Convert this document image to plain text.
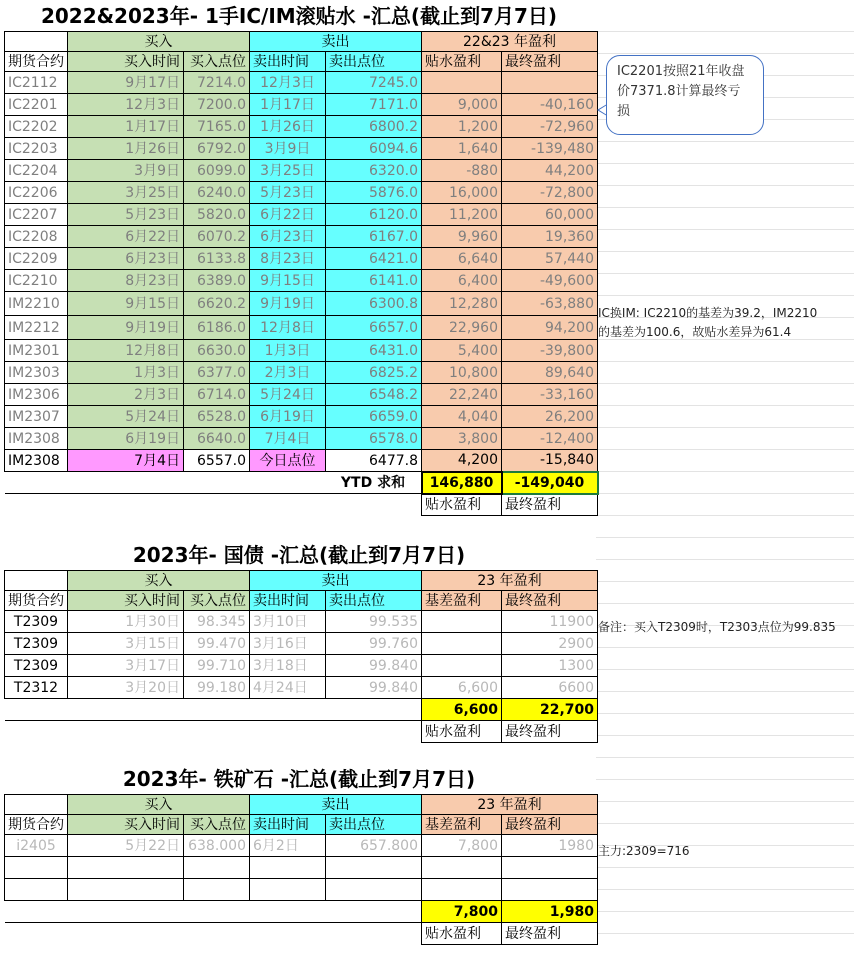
2022&2023年- 1手IC/IM滚贴水 -汇总(截止到7月7日)
	买入		卖出		22&23 年盈利	
期货合约	买入时间	买入点位	卖出时间	卖出点位	贴水盈利	最终盈利
IC2112	9月17日	7214.0	12月3日	7245.0		
IC2201	12月3日	7200.0	1月17日	7171.0	9,000	-40,160
IC2202	1月17日	7165.0	1月26日	6800.2	1,200	-72,960
IC2203	1月26日	6792.0	3月9日	6094.6	1,640	-139,480
IC2204	3月9日	6099.0	3月25日	6320.0	-880	44,200
IC2206	3月25日	6240.0	5月23日	5876.0	16,000	-72,800
IC2207	5月23日	5820.0	6月22日	6120.0	11,200	60,000
IC2208	6月22日	6070.2	6月23日	6167.0	9,960	19,360
IC2209	6月23日	6133.8	8月23日	6421.0	6,640	57,440
IC2210	8月23日	6389.0	9月15日	6141.0	6,400	-49,600
IM2210	9月15日	6620.2	9月19日	6300.8	12,280	-63,880
IM2212	9月19日	6186.0	12月8日	6657.0	22,960	94,200
IM2301	12月8日	6630.0	1月3日	6431.0	5,400	-39,800
IM2303	1月3日	6377.0	2月3日	6825.2	10,800	89,640
IM2306	2月3日	6714.0	5月24日	6548.2	22,240	-33,160
IM2307	5月24日	6528.0	6月19日	6659.0	4,040	26,200
IM2308	6月19日	6640.0	7月4日	6578.0	3,800	-12,400
IM2308	7月4日	6557.0	今日点位	6477.8	4,200	-15,840
				YTD 求和	146,880	-149,040
					贴水盈利	最终盈利
IC2201按照21年收盘价7371.8计算最终亏损
IC换IM: IC2210的基差为39.2，IM2210
的基差为100.6，故贴水差异为61.4
2023年- 国债 -汇总(截止到7月7日)
	买入		卖出		23 年盈利	
期货合约	买入时间	买入点位	卖出时间	卖出点位	基差盈利	最终盈利
T2309	1月30日	98.345	3月10日	99.535		11900
T2309	3月15日	99.470	3月16日	99.760		2900
T2309	3月17日	99.710	3月18日	99.840		1300
T2312	3月20日	99.180	4月24日	99.840	6,600	6600
					6,600	22,700
					贴水盈利	最终盈利
备注：买入T2309时，T2303点位为99.835
2023年- 铁矿石 -汇总(截止到7月7日)
	买入		卖出		23 年盈利	
期货合约	买入时间	买入点位	卖出时间	卖出点位	基差盈利	最终盈利
i2405	5月22日	638.000	6月2日	657.800	7,800	1980

					7,800	1,980
					贴水盈利	最终盈利
主力:2309=716
